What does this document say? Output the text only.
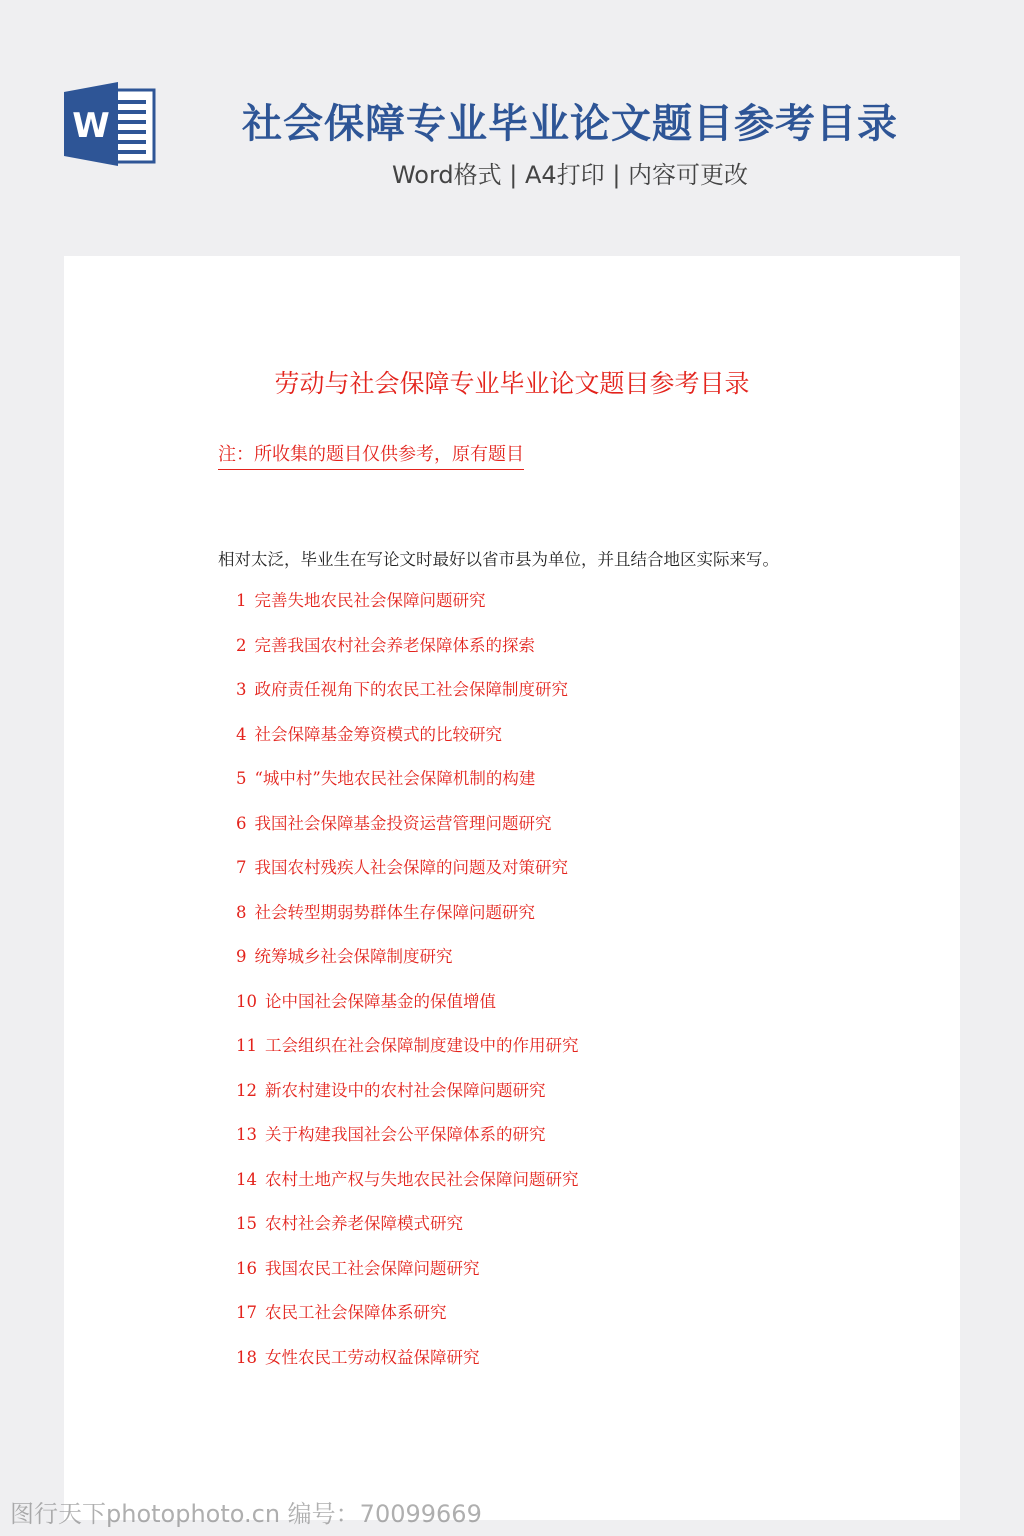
W	社会保障专业毕业论文题目参考目录
Word格式 | A4打印 | 内容可更改
劳动与社会保障专业毕业论文题目参考目录
注：所收集的题目仅供参考，原有题目
相对太泛，毕业生在写论文时最好以省市县为单位，并且结合地区实际来写。
1 完善失地农民社会保障问题研究
2 完善我国农村社会养老保障体系的探索
3 政府责任视角下的农民工社会保障制度研究
4 社会保障基金筹资模式的比较研究
5 “城中村”失地农民社会保障机制的构建
6 我国社会保障基金投资运营管理问题研究
7 我国农村残疾人社会保障的问题及对策研究
8 社会转型期弱势群体生存保障问题研究
9 统筹城乡社会保障制度研究
10 论中国社会保障基金的保值增值
11 工会组织在社会保障制度建设中的作用研究
12 新农村建设中的农村社会保障问题研究
13 关于构建我国社会公平保障体系的研究
14 农村土地产权与失地农民社会保障问题研究
15 农村社会养老保障模式研究
16 我国农民工社会保障问题研究
17 农民工社会保障体系研究
18 女性农民工劳动权益保障研究
图行天下photophoto.cn 编号：70099669
